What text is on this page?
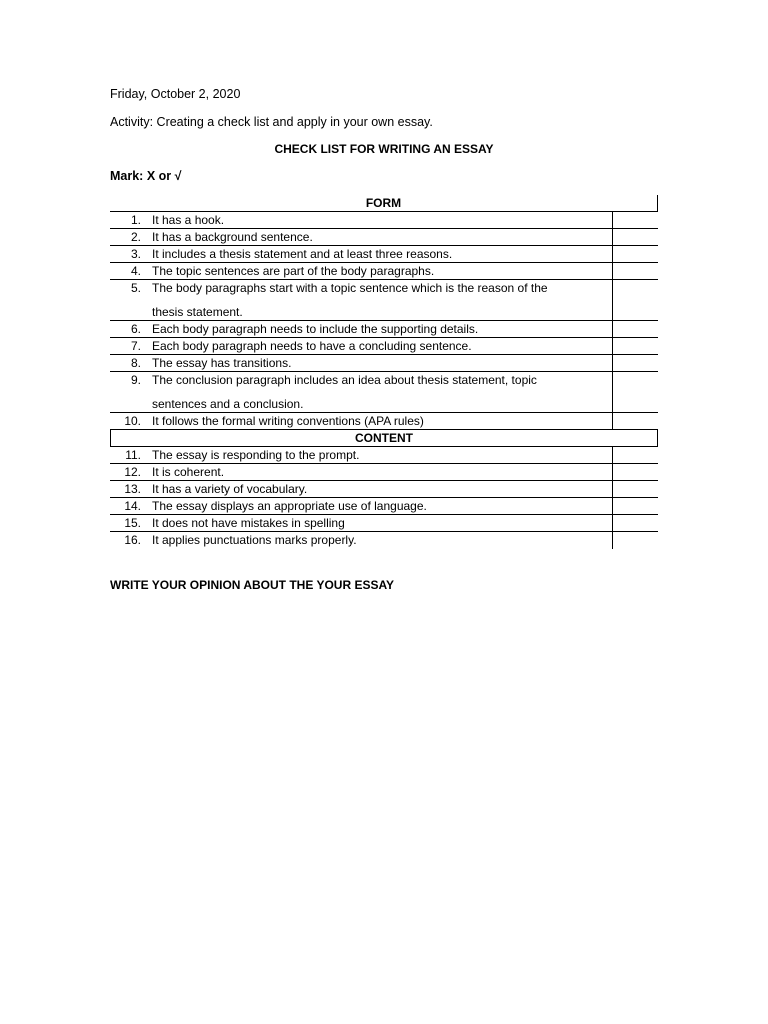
Friday, October 2, 2020
Activity: Creating a check list and apply in your own essay.
CHECK LIST FOR WRITING AN ESSAY
Mark: X or √
FORM
1. It has a hook.
2. It has a background sentence.
3. It includes a thesis statement and at least three reasons.
4. The topic sentences are part of the body paragraphs.
5. The body paragraphs start with a topic sentence which is the reason of the
thesis statement.
6. Each body paragraph needs to include the supporting details.
7. Each body paragraph needs to have a concluding sentence.
8. The essay has transitions.
9. The conclusion paragraph includes an idea about thesis statement, topic
sentences and a conclusion.
10. It follows the formal writing conventions (APA rules)
CONTENT
11. The essay is responding to the prompt.
12. It is coherent.
13. It has a variety of vocabulary.
14. The essay displays an appropriate use of language.
15. It does not have mistakes in spelling
16. It applies punctuations marks properly.
WRITE YOUR OPINION ABOUT THE YOUR ESSAY
